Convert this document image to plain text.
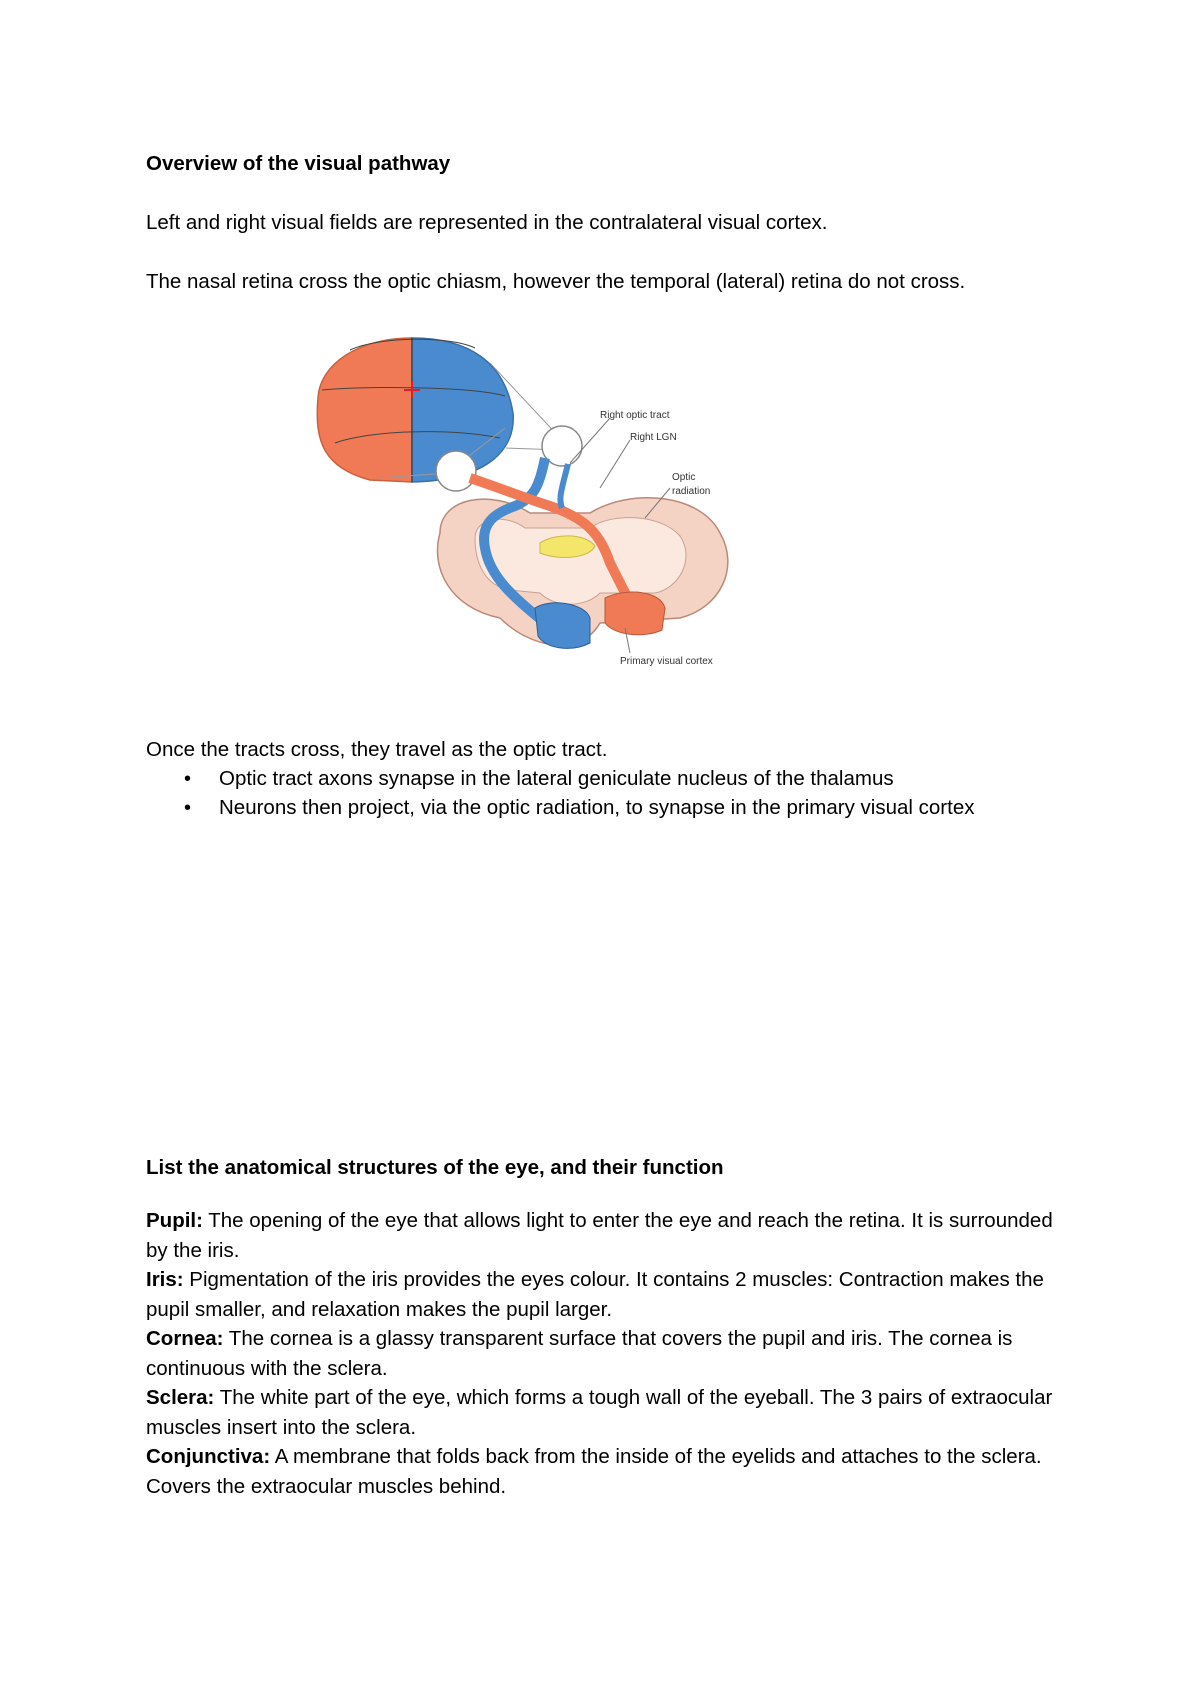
Overview of the visual pathway
Left and right visual fields are represented in the contralateral visual cortex.
The nasal retina cross the optic chiasm, however the temporal (lateral) retina do not cross.
Right optic tract
Right LGN
Optic
radiation
Primary visual cortex
Once the tracts cross, they travel as the optic tract.
• Optic tract axons synapse in the lateral geniculate nucleus of the thalamus
• Neurons then project, via the optic radiation, to synapse in the primary visual cortex
List the anatomical structures of the eye, and their function
Pupil: The opening of the eye that allows light to enter the eye and reach the retina. It is surrounded by the iris.
Iris: Pigmentation of the iris provides the eyes colour. It contains 2 muscles: Contraction makes the pupil smaller, and relaxation makes the pupil larger.
Cornea: The cornea is a glassy transparent surface that covers the pupil and iris. The cornea is continuous with the sclera.
Sclera: The white part of the eye, which forms a tough wall of the eyeball. The 3 pairs of extraocular muscles insert into the sclera.
Conjunctiva: A membrane that folds back from the inside of the eyelids and attaches to the sclera. Covers the extraocular muscles behind.
